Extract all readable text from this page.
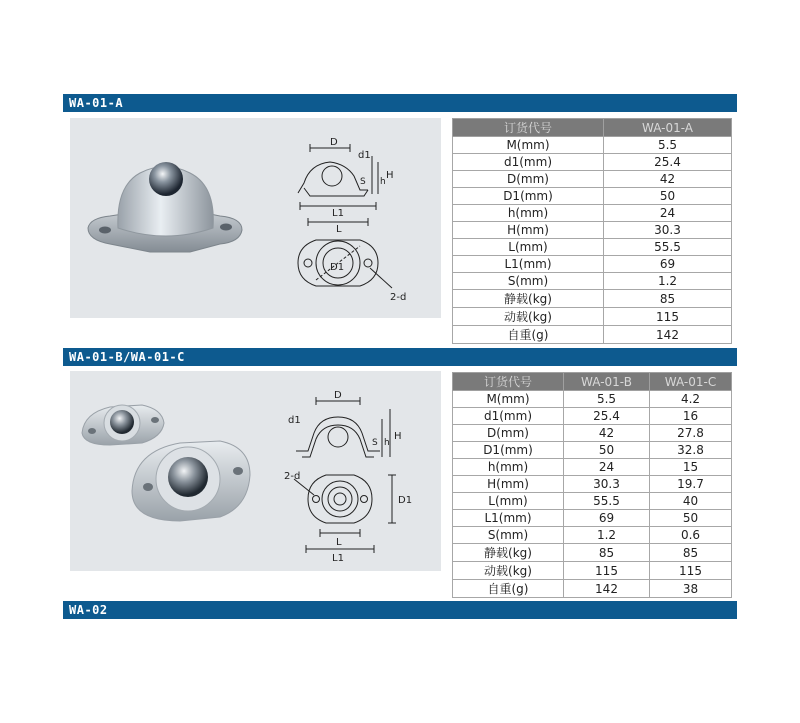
WA-01-A
D
d1
S h
H
L1
L
D1
2-d
订货代号	WA-01-A
M(mm)	5.5
d1(mm)	25.4
D(mm)	42
D1(mm)	50
h(mm)	24
H(mm)	30.3
L(mm)	55.5
L1(mm)	69
S(mm)	1.2
静载(kg)	85
动载(kg)	115
自重(g)	142
WA-01-B/WA-01-C
D
d1
S h
H
2-d
D1
L
L1
订货代号	WA-01-B	WA-01-C
M(mm)	5.5	4.2
d1(mm)	25.4	16
D(mm)	42	27.8
D1(mm)	50	32.8
h(mm)	24	15
H(mm)	30.3	19.7
L(mm)	55.5	40
L1(mm)	69	50
S(mm)	1.2	0.6
静载(kg)	85	85
动载(kg)	115	115
自重(g)	142	38
WA-02
